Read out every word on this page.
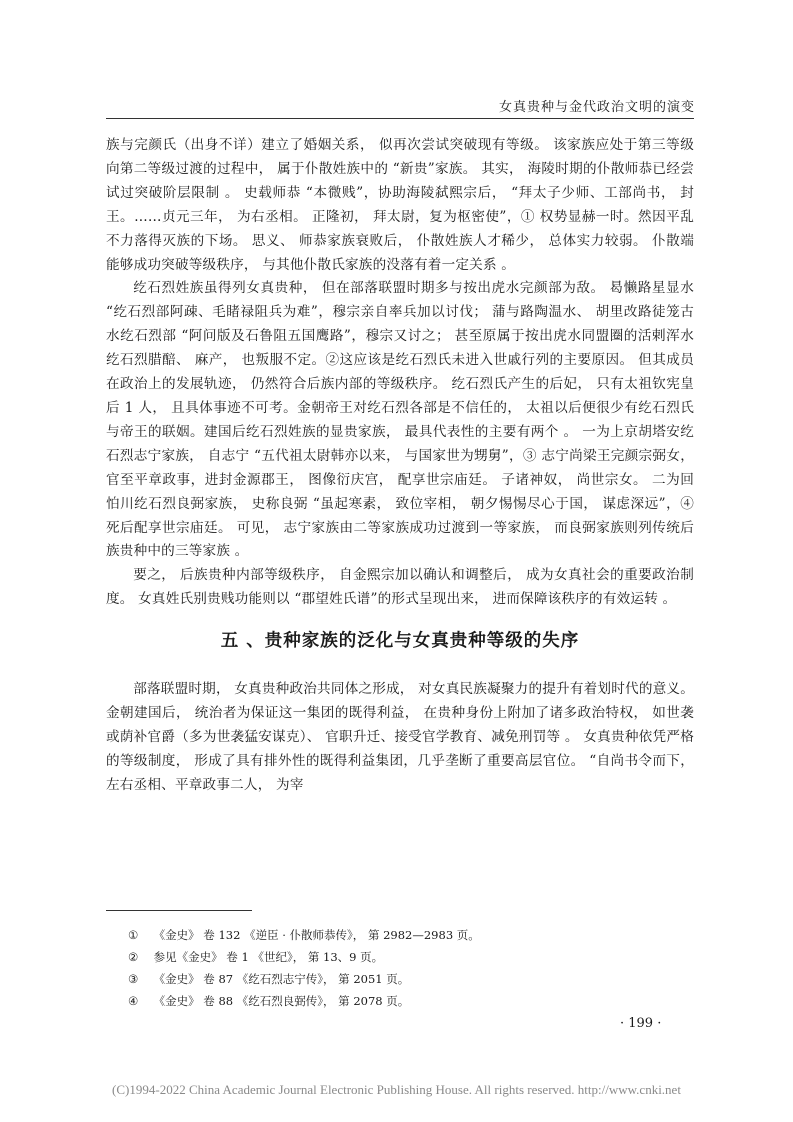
女真贵种与金代政治文明的演变

族与完颜氏（出身不详）建立了婚姻关系， 似再次尝试突破现有等级。 该家族应处于第三等级向第二等级过渡的过程中， 属于仆散姓族中的 “新贵”家族。 其实， 海陵时期的仆散师恭已经尝试过突破阶层限制 。 史载师恭 “本微贱”，协助海陵弑熙宗后， “拜太子少师、工部尚书， 封王。……贞元三年， 为右丞相。 正隆初， 拜太尉，复为枢密使”，① 权势显赫一时。然因平乱不力落得灭族的下场。 思义、 师恭家族衰败后， 仆散姓族人才稀少， 总体实力较弱。 仆散端能够成功突破等级秩序， 与其他仆散氏家族的没落有着一定关系 。

纥石烈姓族虽得列女真贵种， 但在部落联盟时期多与按出虎水完颜部为敌。 曷懒路星显水 “纥石烈部阿疎、毛睹禄阻兵为难”，穆宗亲自率兵加以讨伐； 蒲与路陶温水、 胡里改路徒笼古水纥石烈部 “阿问版及石鲁阻五国鹰路”，穆宗又讨之； 甚至原属于按出虎水同盟圈的活剌浑水纥石烈腊醅、 麻产， 也叛服不定。②这应该是纥石烈氏未进入世戚行列的主要原因。 但其成员在政治上的发展轨迹， 仍然符合后族内部的等级秩序。 纥石烈氏产生的后妃， 只有太祖钦宪皇后 1 人， 且具体事迹不可考。金朝帝王对纥石烈各部是不信任的， 太祖以后便很少有纥石烈氏与帝王的联姻。建国后纥石烈姓族的显贵家族， 最具代表性的主要有两个 。 一为上京胡塔安纥石烈志宁家族， 自志宁 “五代祖太尉韩亦以来， 与国家世为甥舅”，③ 志宁尚梁王完颜宗弼女，官至平章政事，进封金源郡王， 图像衍庆宫， 配享世宗庙廷。 子诸神奴， 尚世宗女。 二为回怕川纥石烈良弼家族， 史称良弼 “虽起寒素， 致位宰相， 朝夕惕惕尽心于国， 谋虑深远”，④ 死后配享世宗庙廷。 可见， 志宁家族由二等家族成功过渡到一等家族， 而良弼家族则列传统后族贵种中的三等家族 。

要之， 后族贵种内部等级秩序， 自金熙宗加以确认和调整后， 成为女真社会的重要政治制度。 女真姓氏别贵贱功能则以 “郡望姓氏谱”的形式呈现出来， 进而保障该秩序的有效运转 。

五 、贵种家族的泛化与女真贵种等级的失序

部落联盟时期， 女真贵种政治共同体之形成， 对女真民族凝聚力的提升有着划时代的意义。 金朝建国后， 统治者为保证这一集团的既得利益， 在贵种身份上附加了诸多政治特权， 如世袭或荫补官爵（多为世袭猛安谋克）、 官职升迁、接受官学教育、减免刑罚等 。 女真贵种依凭严格的等级制度， 形成了具有排外性的既得利益集团，几乎垄断了重要高层官位。 “自尚书令而下， 左右丞相、平章政事二人， 为宰

① 《金史》 卷 132 《逆臣 · 仆散师恭传》， 第 2982—2983 页。
② 参见《金史》 卷 1 《世纪》， 第 13、9 页。
③ 《金史》 卷 87 《纥石烈志宁传》， 第 2051 页。
④ 《金史》 卷 88 《纥石烈良弼传》， 第 2078 页。
· 199 ·
(C)1994-2022 China Academic Journal Electronic Publishing House. All rights reserved. http://www.cnki.net
